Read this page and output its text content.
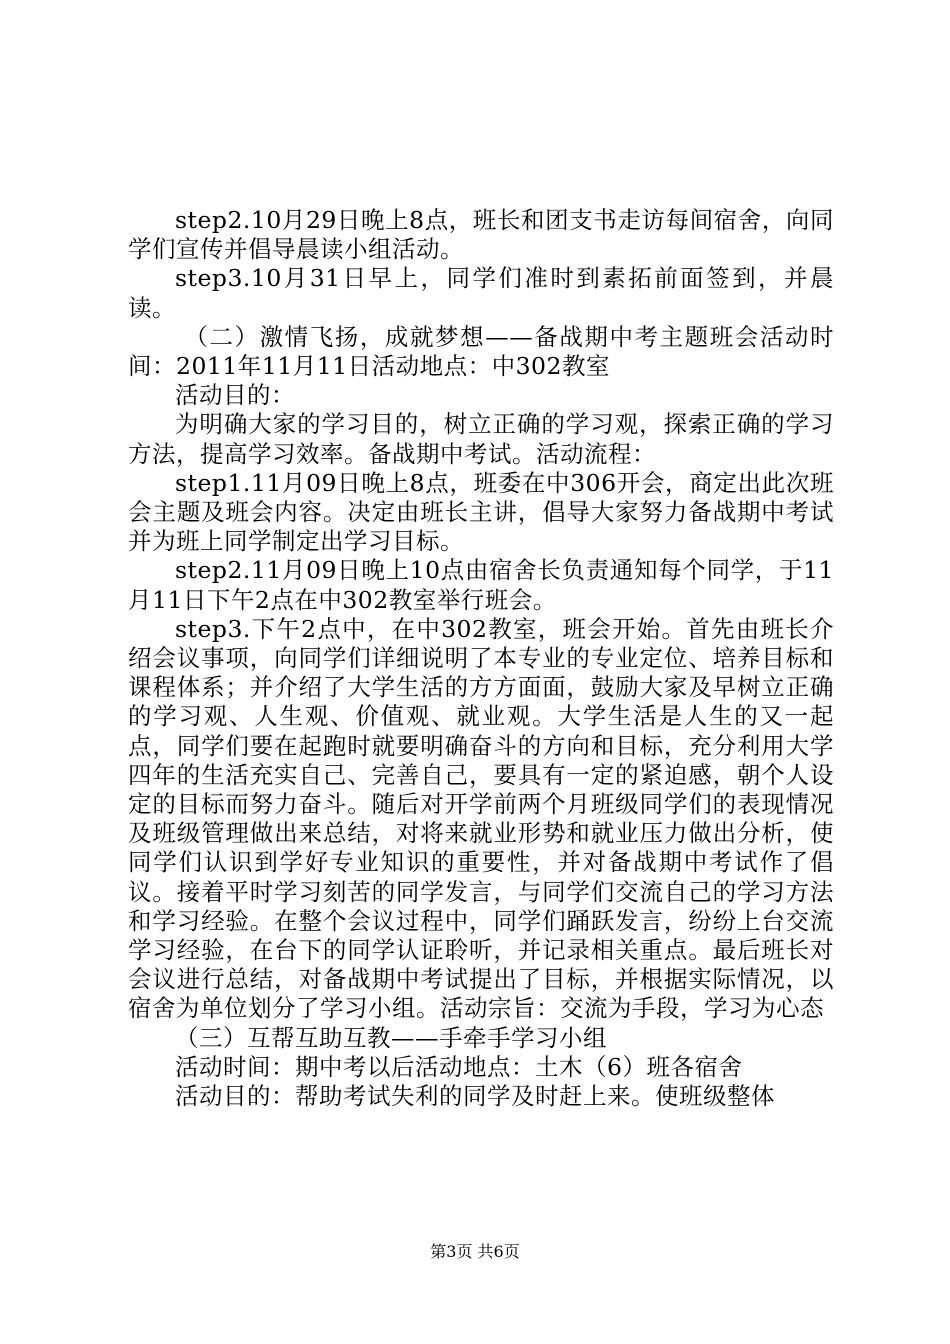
step2.10月29日晚上8点，班长和团支书走访每间宿舍，向同学们宣传并倡导晨读小组活动。

step3.10月31日早上，同学们准时到素拓前面签到，并晨读。

（二）激情飞扬，成就梦想——备战期中考主题班会活动时间：2011年11月11日活动地点：中302教室

活动目的：

为明确大家的学习目的，树立正确的学习观，探索正确的学习方法，提高学习效率。备战期中考试。活动流程：

step1.11月09日晚上8点，班委在中306开会，商定出此次班会主题及班会内容。决定由班长主讲，倡导大家努力备战期中考试并为班上同学制定出学习目标。

step2.11月09日晚上10点由宿舍长负责通知每个同学，于11月11日下午2点在中302教室举行班会。

step3.下午2点中，在中302教室，班会开始。首先由班长介绍会议事项，向同学们详细说明了本专业的专业定位、培养目标和课程体系；并介绍了大学生活的方方面面，鼓励大家及早树立正确的学习观、人生观、价值观、就业观。大学生活是人生的又一起点，同学们要在起跑时就要明确奋斗的方向和目标，充分利用大学四年的生活充实自己、完善自己，要具有一定的紧迫感，朝个人设定的目标而努力奋斗。随后对开学前两个月班级同学们的表现情况及班级管理做出来总结，对将来就业形势和就业压力做出分析，使同学们认识到学好专业知识的重要性，并对备战期中考试作了倡议。接着平时学习刻苦的同学发言，与同学们交流自己的学习方法和学习经验。在整个会议过程中，同学们踊跃发言，纷纷上台交流学习经验，在台下的同学认证聆听，并记录相关重点。最后班长对会议进行总结，对备战期中考试提出了目标，并根据实际情况，以宿舍为单位划分了学习小组。活动宗旨：交流为手段，学习为心态

（三）互帮互助互教——手牵手学习小组

活动时间：期中考以后活动地点：土木（6）班各宿舍

活动目的：帮助考试失利的同学及时赶上来。使班级整体

第3页 共6页
